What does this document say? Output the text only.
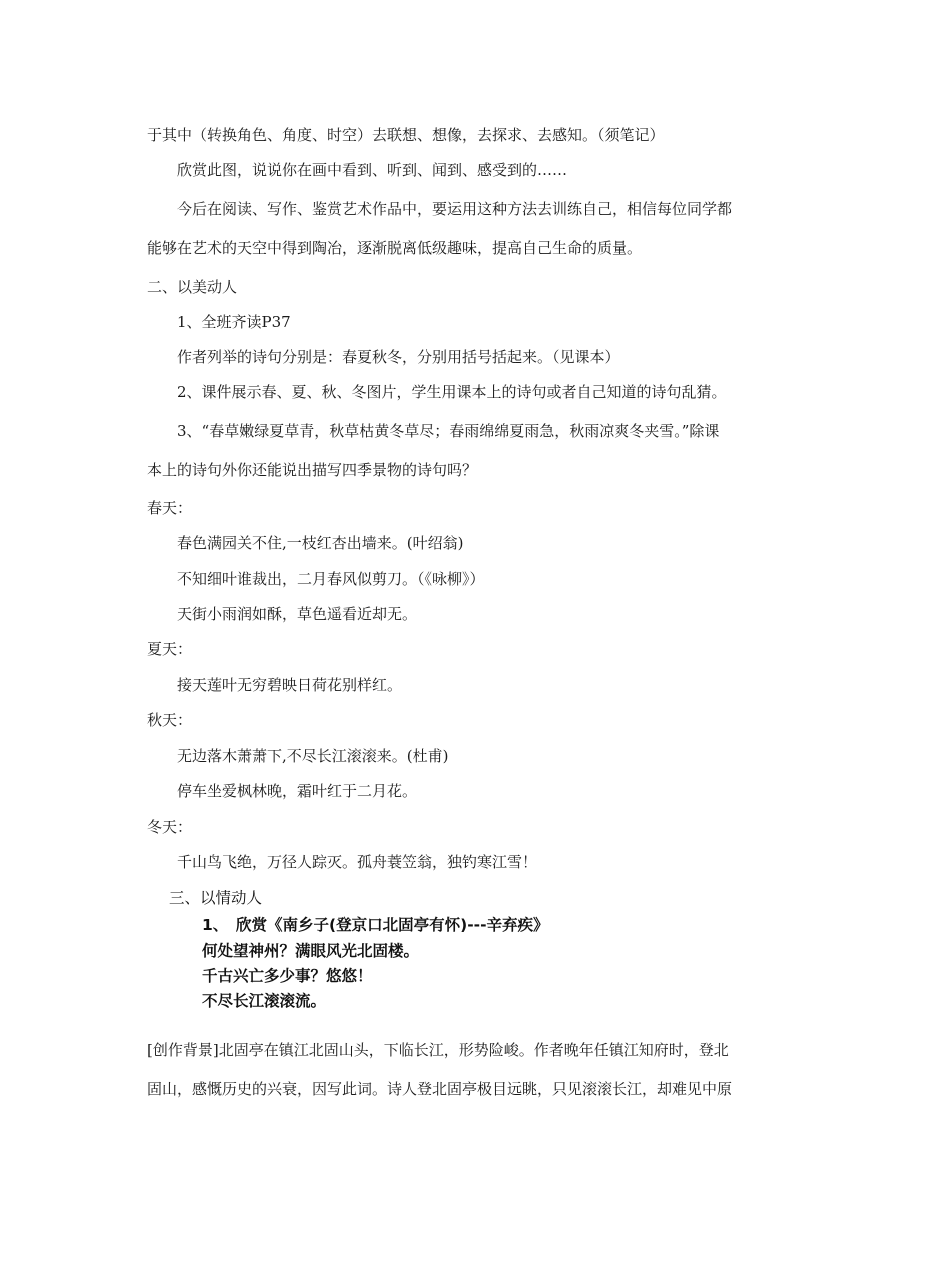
于其中（转换角色、角度、时空）去联想、想像，去探求、去感知。（须笔记）
欣赏此图，说说你在画中看到、听到、闻到、感受到的……
今后在阅读、写作、鉴赏艺术作品中，要运用这种方法去训练自己，相信每位同学都
能够在艺术的天空中得到陶冶，逐渐脱离低级趣味，提高自己生命的质量。
二、以美动人
1、全班齐读P37
作者列举的诗句分别是：春夏秋冬，分别用括号括起来。（见课本）
2、课件展示春、夏、秋、冬图片，学生用课本上的诗句或者自己知道的诗句乱猜。
3、“春草嫩绿夏草青，秋草枯黄冬草尽；春雨绵绵夏雨急，秋雨凉爽冬夹雪。”除课
本上的诗句外你还能说出描写四季景物的诗句吗？
春天：
春色满园关不住,一枝红杏出墙来。(叶绍翁)
不知细叶谁裁出，二月春风似剪刀。（《咏柳》）
天街小雨润如酥，草色遥看近却无。
夏天：
接天莲叶无穷碧映日荷花别样红。
秋天：
无边落木萧萧下,不尽长江滚滚来。(杜甫)
停车坐爱枫林晚，霜叶红于二月花。
冬天：
千山鸟飞绝，万径人踪灭。孤舟蓑笠翁，独钓寒江雪！
三、以情动人
1、　欣赏《南乡子(登京口北固亭有怀)---辛弃疾》
何处望神州？满眼风光北固楼。
千古兴亡多少事？悠悠！
不尽长江滚滚流。
[创作背景]北固亭在镇江北固山头，下临长江，形势险峻。作者晚年任镇江知府时，登北
固山，感慨历史的兴衰，因写此词。诗人登北固亭极目远眺，只见滚滚长江，却难见中原
